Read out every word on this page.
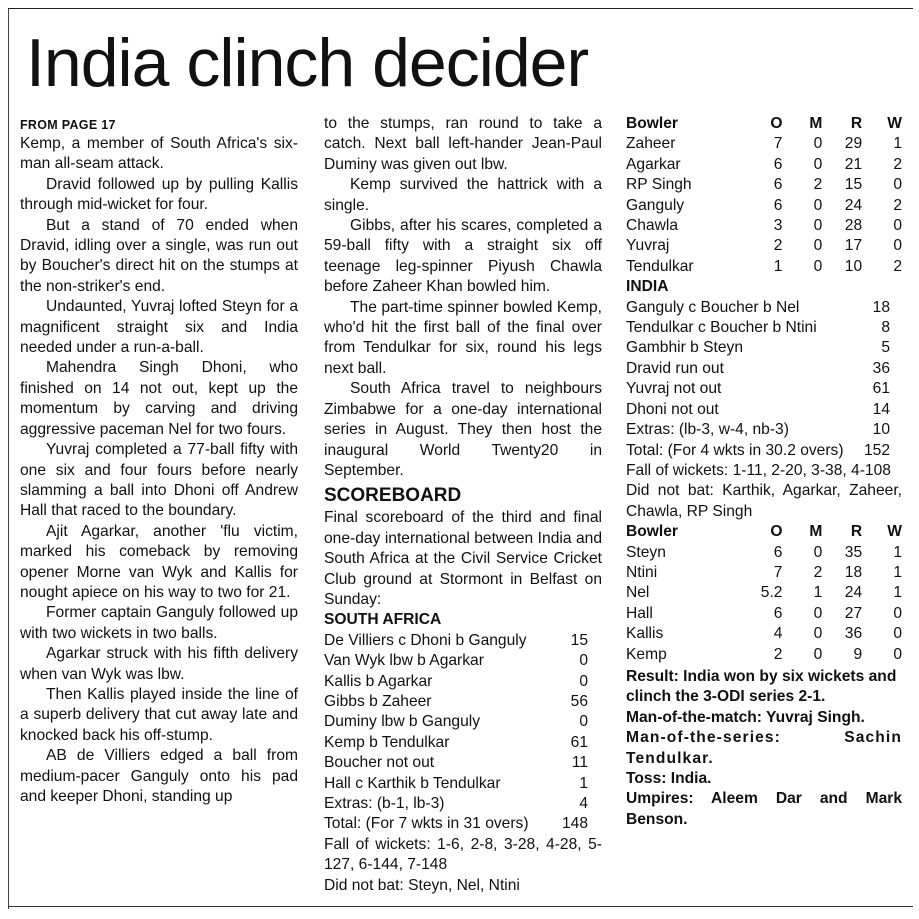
India clinch decider
FROM PAGE 17

Kemp, a member of South Africa's six-man all-seam attack.

Dravid followed up by pulling Kallis through mid-wicket for four.

But a stand of 70 ended when Dravid, idling over a single, was run out by Boucher's direct hit on the stumps at the non-striker's end.

Undaunted, Yuvraj lofted Steyn for a magnificent straight six and India needed under a run-a-ball.

Mahendra Singh Dhoni, who finished on 14 not out, kept up the momentum by carving and driving aggressive paceman Nel for two fours.

Yuvraj completed a 77-ball fifty with one six and four fours before nearly slamming a ball into Dhoni off Andrew Hall that raced to the boundary.

Ajit Agarkar, another 'flu victim, marked his comeback by removing opener Morne van Wyk and Kallis for nought apiece on his way to two for 21.

Former captain Ganguly followed up with two wickets in two balls.

Agarkar struck with his fifth delivery when van Wyk was lbw.

Then Kallis played inside the line of a superb delivery that cut away late and knocked back his off-stump.

AB de Villiers edged a ball from medium-pacer Ganguly onto his pad and keeper Dhoni, standing up

to the stumps, ran round to take a catch. Next ball left-hander Jean-Paul Duminy was given out lbw.

Kemp survived the hattrick with a single.

Gibbs, after his scares, completed a 59-ball fifty with a straight six off teenage leg-spinner Piyush Chawla before Zaheer Khan bowled him.

The part-time spinner bowled Kemp, who'd hit the first ball of the final over from Tendulkar for six, round his legs next ball.

South Africa travel to neighbours Zimbabwe for a one-day international series in August. They then host the inaugural World Twenty20 in September.

SCOREBOARD

Final scoreboard of the third and final one-day international between India and South Africa at the Civil Service Cricket Club ground at Stormont in Belfast on Sunday:

SOUTH AFRICA
De Villiers c Dhoni b Ganguly	15
Van Wyk lbw b Agarkar	0
Kallis b Agarkar	0
Gibbs b Zaheer	56
Duminy lbw b Ganguly	0
Kemp b Tendulkar	61
Boucher not out	11
Hall c Karthik b Tendulkar	1
Extras: (b-1, lb-3)	4
Total: (For 7 wkts in 31 overs) 148

Fall of wickets: 1-6, 2-8, 3-28, 4-28, 5-127, 6-144, 7-148

Did not bat: Steyn, Nel, Ntini

Bowler	O	M	R	W
Zaheer	7	0	29	1
Agarkar	6	0	21	2
RP Singh	6	2	15	0
Ganguly	6	0	24	2
Chawla	3	0	28	0
Yuvraj	2	0	17	0
Tendulkar	1	0	10	2
INDIA
Ganguly c Boucher b Nel	18
Tendulkar c Boucher b Ntini	8
Gambhir b Steyn	5
Dravid run out	36
Yuvraj not out	61
Dhoni not out	14
Extras: (lb-3, w-4, nb-3)	10
Total: (For 4 wkts in 30.2 overs) 152

Fall of wickets: 1-11, 2-20, 3-38, 4-108

Did not bat: Karthik, Agarkar, Zaheer, Chawla, RP Singh

Bowler	O	M	R	W
Steyn	6	0	35	1
Ntini	7	2	18	1
Nel	5.2	1	24	1
Hall	6	0	27	0
Kallis	4	0	36	0
Kemp	2	0	9	0
Result: India won by six wickets and clinch the 3-ODI series 2-1.
Man-of-the-match: Yuvraj Singh.
Man-of-the-series: Sachin Tendulkar.
Toss: India.
Umpires: Aleem Dar and Mark Benson.
